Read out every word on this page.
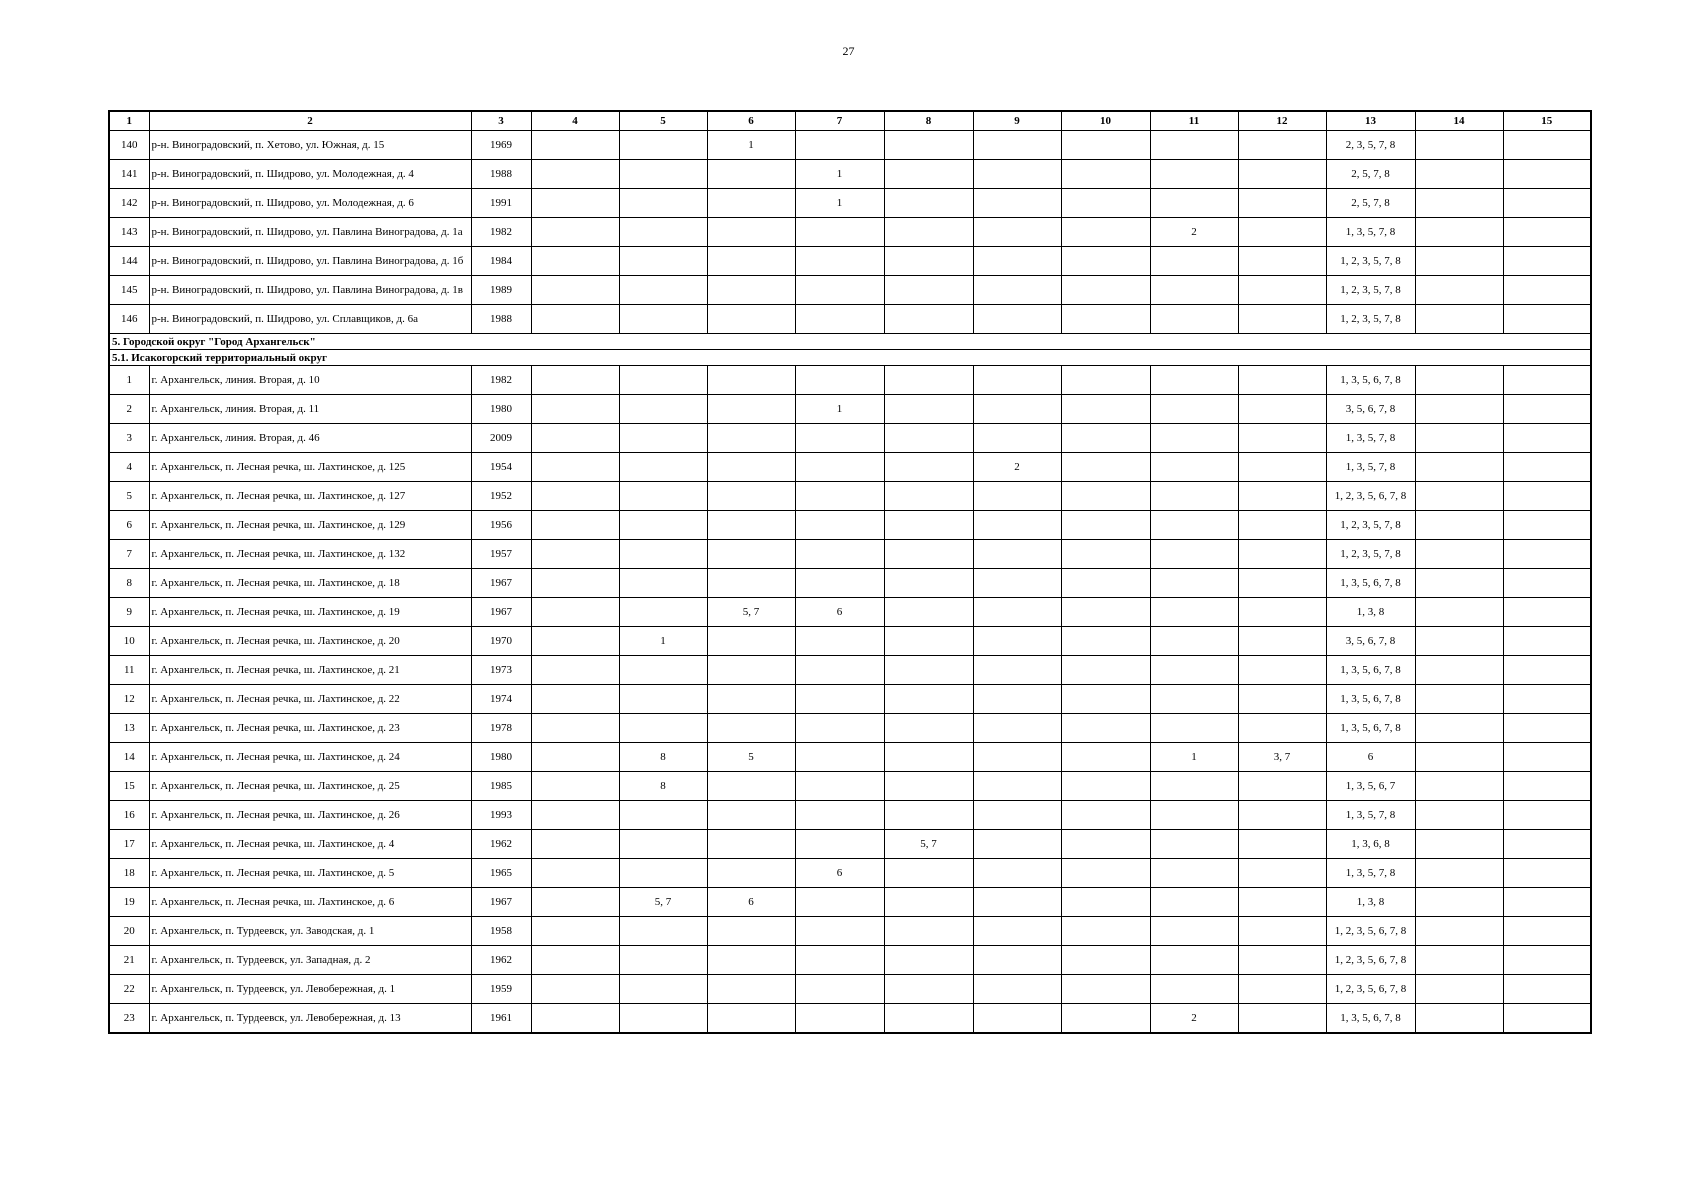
27
1	2	3	4	5	6	7	8	9	10	11	12	13	14	15
140	р-н. Виноградовский, п. Хетово, ул. Южная, д. 15	1969			1							2, 3, 5, 7, 8		
141	р-н. Виноградовский, п. Шидрово, ул. Молодежная, д. 4	1988				1						2, 5, 7, 8		
142	р-н. Виноградовский, п. Шидрово, ул. Молодежная, д. 6	1991				1						2, 5, 7, 8		
143	р-н. Виноградовский, п. Шидрово, ул. Павлина Виноградова, д. 1а	1982								2		1, 3, 5, 7, 8		
144	р-н. Виноградовский, п. Шидрово, ул. Павлина Виноградова, д. 1б	1984										1, 2, 3, 5, 7, 8		
145	р-н. Виноградовский, п. Шидрово, ул. Павлина Виноградова, д. 1в	1989										1, 2, 3, 5, 7, 8		
146	р-н. Виноградовский, п. Шидрово, ул. Сплавщиков, д. 6а	1988										1, 2, 3, 5, 7, 8		
5. Городской округ "Город Архангельск"														
5.1. Исакогорский территориальный округ														
1	г. Архангельск, линия. Вторая, д. 10	1982										1, 3, 5, 6, 7, 8		
2	г. Архангельск, линия. Вторая, д. 11	1980				1						3, 5, 6, 7, 8		
3	г. Архангельск, линия. Вторая, д. 46	2009										1, 3, 5, 7, 8		
4	г. Архангельск, п. Лесная речка, ш. Лахтинское, д. 125	1954						2				1, 3, 5, 7, 8		
5	г. Архангельск, п. Лесная речка, ш. Лахтинское, д. 127	1952										1, 2, 3, 5, 6, 7, 8		
6	г. Архангельск, п. Лесная речка, ш. Лахтинское, д. 129	1956										1, 2, 3, 5, 7, 8		
7	г. Архангельск, п. Лесная речка, ш. Лахтинское, д. 132	1957										1, 2, 3, 5, 7, 8		
8	г. Архангельск, п. Лесная речка, ш. Лахтинское, д. 18	1967										1, 3, 5, 6, 7, 8		
9	г. Архангельск, п. Лесная речка, ш. Лахтинское, д. 19	1967			5, 7	6						1, 3, 8		
10	г. Архангельск, п. Лесная речка, ш. Лахтинское, д. 20	1970		1								3, 5, 6, 7, 8		
11	г. Архангельск, п. Лесная речка, ш. Лахтинское, д. 21	1973										1, 3, 5, 6, 7, 8		
12	г. Архангельск, п. Лесная речка, ш. Лахтинское, д. 22	1974										1, 3, 5, 6, 7, 8		
13	г. Архангельск, п. Лесная речка, ш. Лахтинское, д. 23	1978										1, 3, 5, 6, 7, 8		
14	г. Архангельск, п. Лесная речка, ш. Лахтинское, д. 24	1980		8	5					1	3, 7	6		
15	г. Архангельск, п. Лесная речка, ш. Лахтинское, д. 25	1985		8								1, 3, 5, 6, 7		
16	г. Архангельск, п. Лесная речка, ш. Лахтинское, д. 26	1993										1, 3, 5, 7, 8		
17	г. Архангельск, п. Лесная речка, ш. Лахтинское, д. 4	1962					5, 7					1, 3, 6, 8		
18	г. Архангельск, п. Лесная речка, ш. Лахтинское, д. 5	1965				6						1, 3, 5, 7, 8		
19	г. Архангельск, п. Лесная речка, ш. Лахтинское, д. 6	1967		5, 7	6							1, 3, 8		
20	г. Архангельск, п. Турдеевск, ул. Заводская, д. 1	1958										1, 2, 3, 5, 6, 7, 8		
21	г. Архангельск, п. Турдеевск, ул. Западная, д. 2	1962										1, 2, 3, 5, 6, 7, 8		
22	г. Архангельск, п. Турдеевск, ул. Левобережная, д. 1	1959										1, 2, 3, 5, 6, 7, 8		
23	г. Архангельск, п. Турдеевск, ул. Левобережная, д. 13	1961								2		1, 3, 5, 6, 7, 8		
